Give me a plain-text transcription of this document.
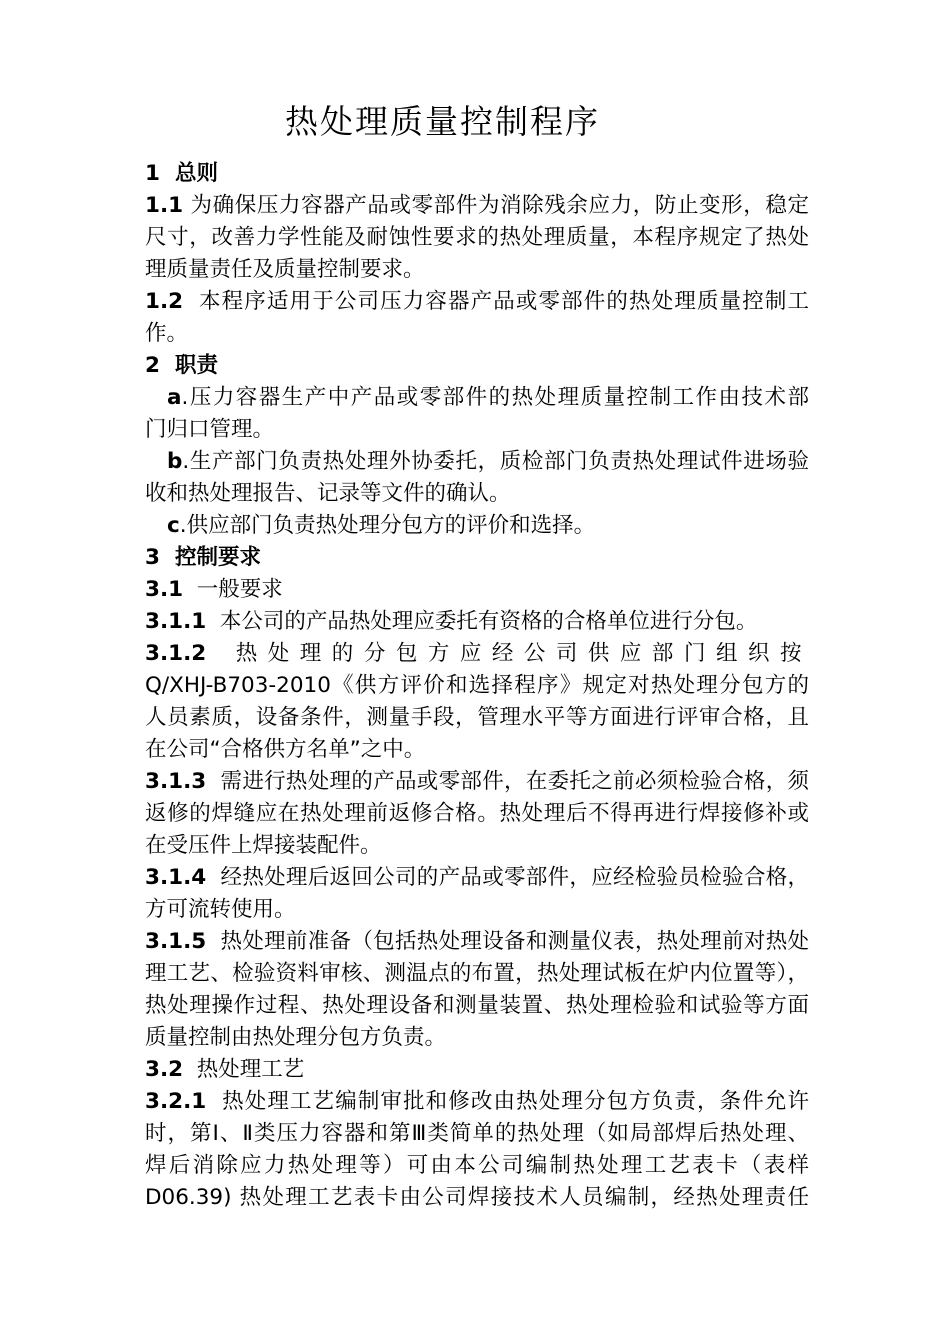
热处理质量控制程序

1 总则

1.1 为确保压力容器产品或零部件为消除残余应力，防止变形，稳定

尺寸，改善力学性能及耐蚀性要求的热处理质量，本程序规定了热处

理质量责任及质量控制要求。

1.2 本程序适用于公司压力容器产品或零部件的热处理质量控制工

作。

2 职责

a.压力容器生产中产品或零部件的热处理质量控制工作由技术部

门归口管理。

b.生产部门负责热处理外协委托，质检部门负责热处理试件进场验

收和热处理报告、记录等文件的确认。

c.供应部门负责热处理分包方的评价和选择。

3 控制要求

3.1 一般要求

3.1.1 本公司的产品热处理应委托有资格的合格单位进行分包。

3.1.2 热处理的分包方应经公司供应部门组织按

Q/XHJ-B703-2010《供方评价和选择程序》规定对热处理分包方的

人员素质，设备条件，测量手段，管理水平等方面进行评审合格，且

在公司“合格供方名单”之中。

3.1.3 需进行热处理的产品或零部件，在委托之前必须检验合格，须

返修的焊缝应在热处理前返修合格。热处理后不得再进行焊接修补或

在受压件上焊接装配件。

3.1.4 经热处理后返回公司的产品或零部件，应经检验员检验合格，

方可流转使用。

3.1.5 热处理前准备（包括热处理设备和测量仪表，热处理前对热处

理工艺、检验资料审核、测温点的布置，热处理试板在炉内位置等），

热处理操作过程、热处理设备和测量装置、热处理检验和试验等方面

质量控制由热处理分包方负责。

3.2 热处理工艺

3.2.1 热处理工艺编制审批和修改由热处理分包方负责，条件允许

时，第Ⅰ、Ⅱ类压力容器和第Ⅲ类简单的热处理（如局部焊后热处理、

焊后消除应力热处理等）可由本公司编制热处理工艺表卡（表样

D06.39) 热处理工艺表卡由公司焊接技术人员编制，经热处理责任
